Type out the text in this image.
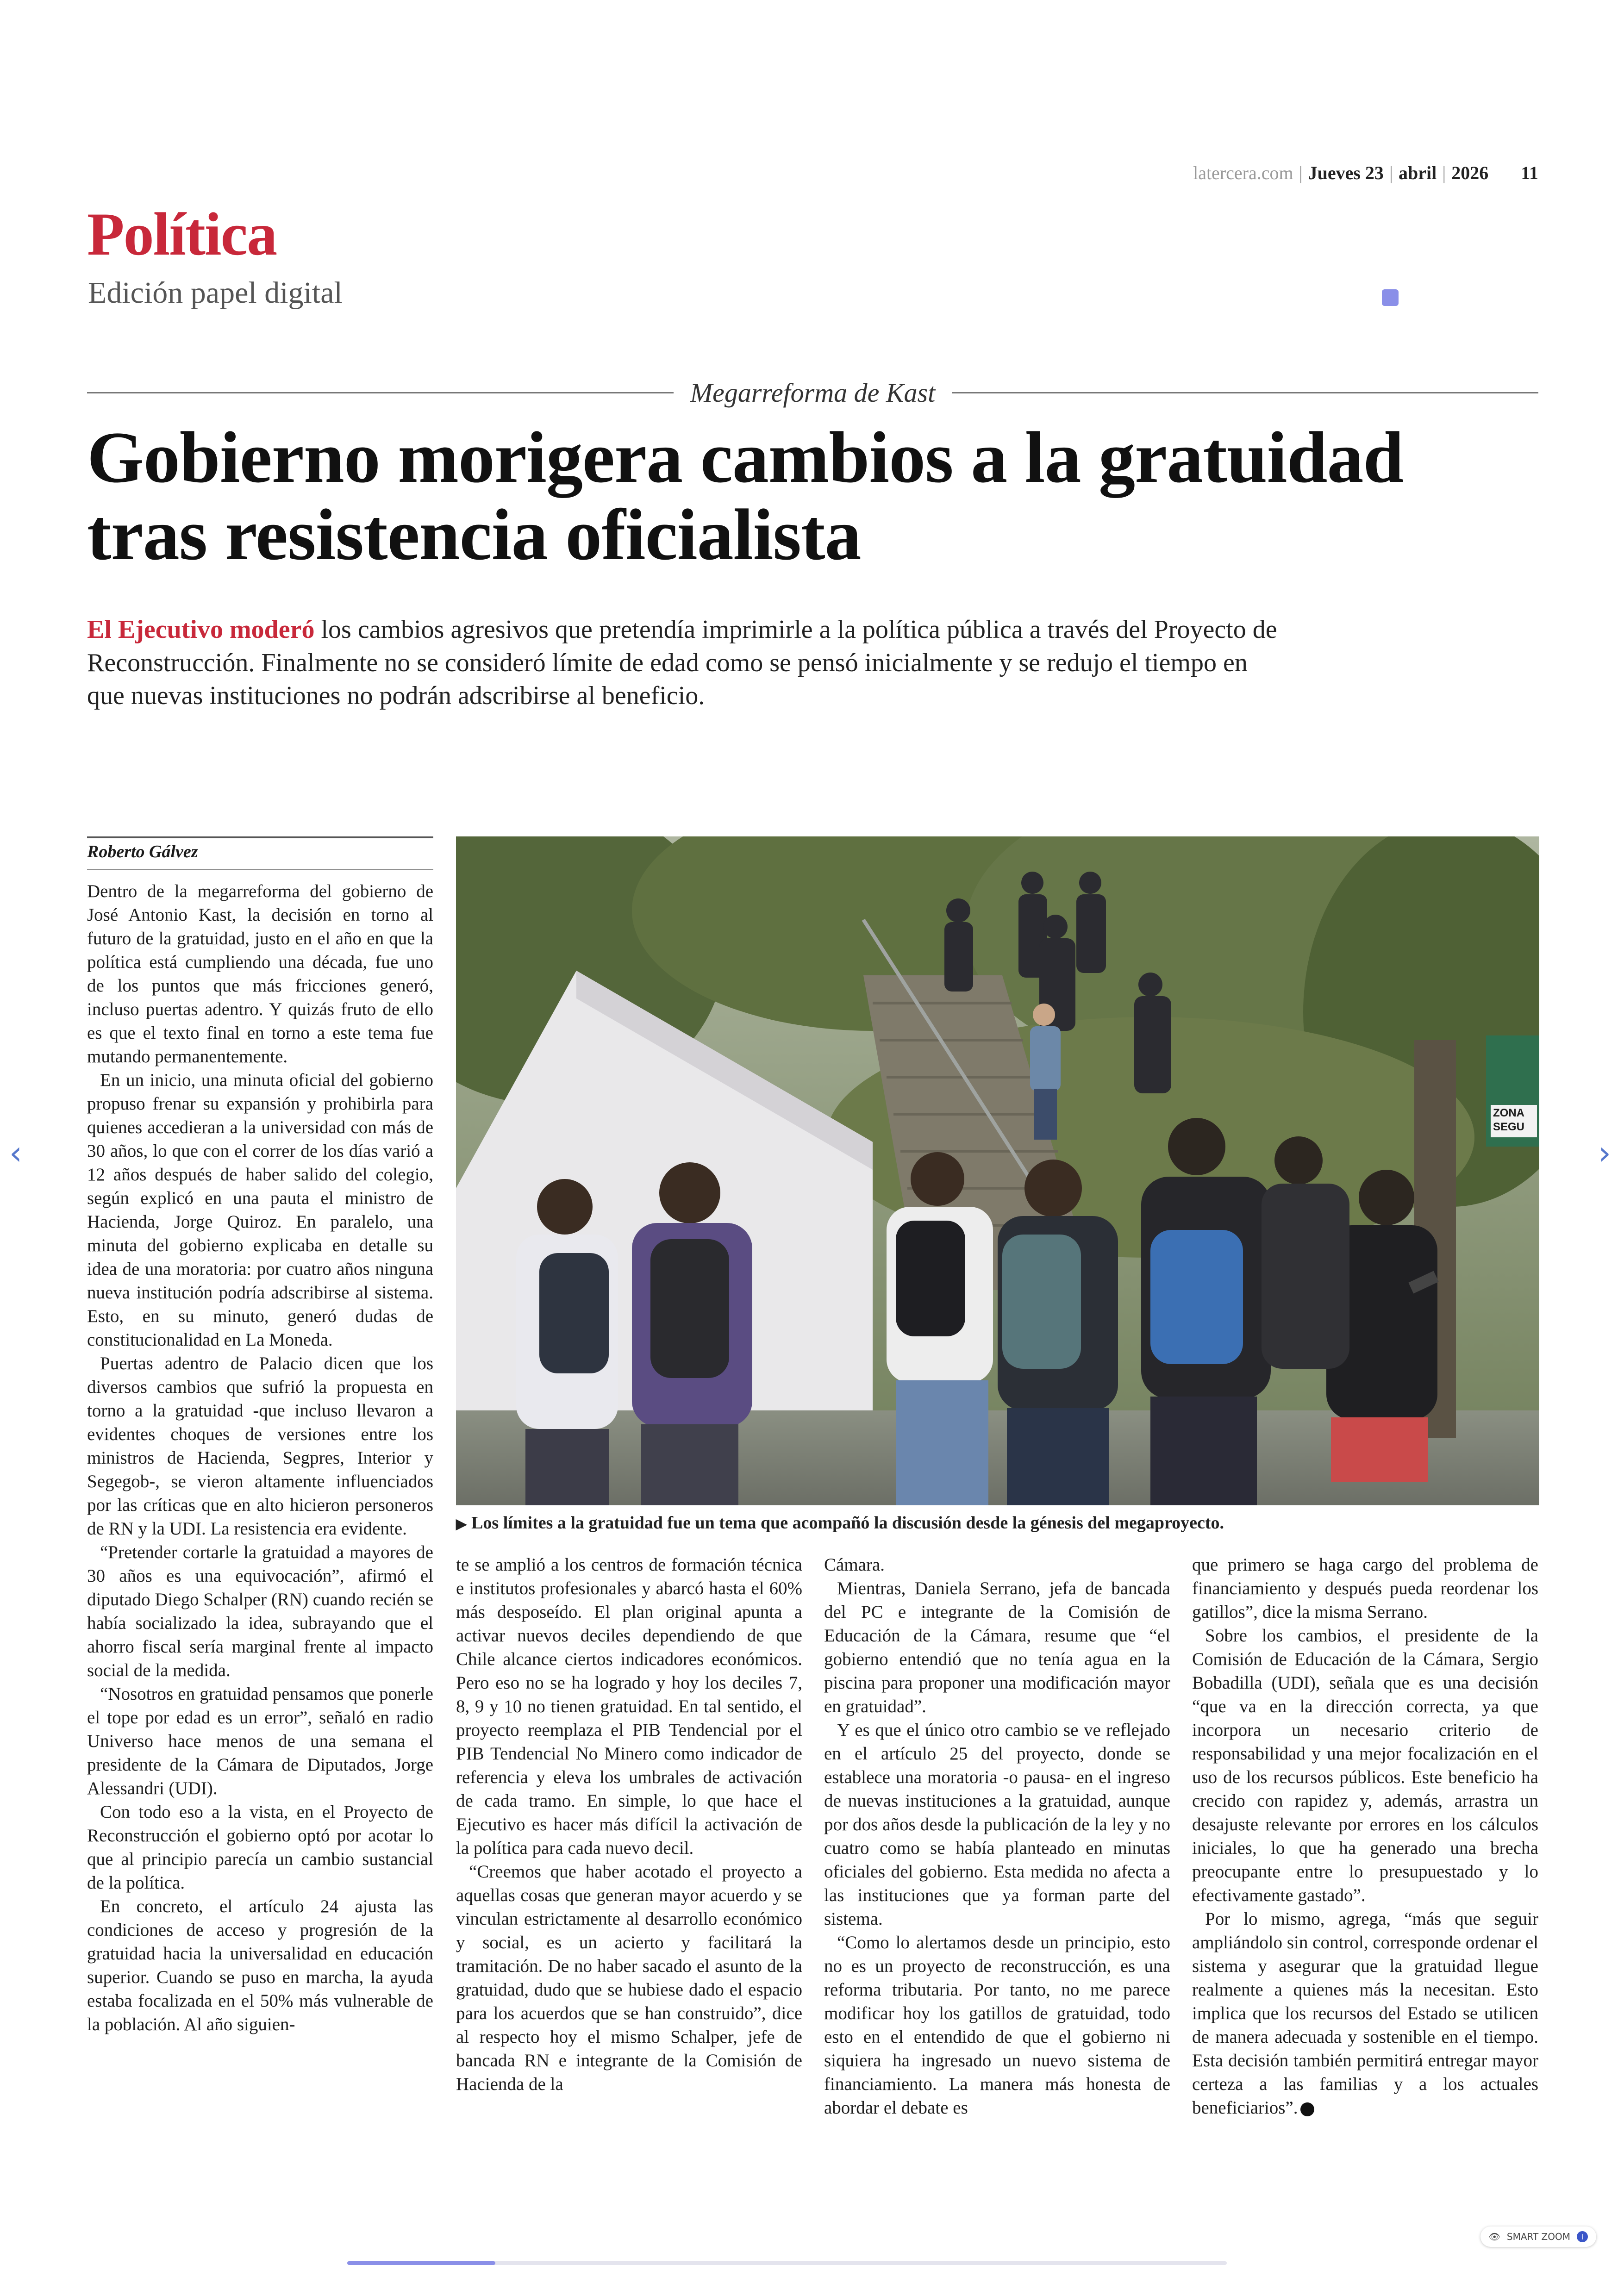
latercera.com | Jueves 23 | abril | 2026 11
Política
Edición papel digital
Megarreforma de Kast
Gobierno morigera cambios a la gratuidad tras resistencia oficialista

El Ejecutivo moderó los cambios agresivos que pretendía imprimirle a la política pública a través del Proyecto de Reconstrucción. Finalmente no se consideró límite de edad como se pensó inicialmente y se redujo el tiempo en que nuevas instituciones no podrán adscribirse al beneficio.

Roberto Gálvez

Dentro de la megarreforma del gobierno de José Antonio Kast, la decisión en torno al futuro de la gratuidad, justo en el año en que la política está cumpliendo una década, fue uno de los puntos que más fricciones generó, incluso puertas adentro. Y quizás fruto de ello es que el texto final en torno a este tema fue mutando permanentemente.

En un inicio, una minuta oficial del gobierno propuso frenar su expansión y prohibirla para quienes accedieran a la universidad con más de 30 años, lo que con el correr de los días varió a 12 años después de haber salido del colegio, según explicó en una pauta el ministro de Hacienda, Jorge Quiroz. En paralelo, una minuta del gobierno explicaba en detalle su idea de una moratoria: por cuatro años ninguna nueva institución podría adscribirse al sistema. Esto, en su minuto, generó dudas de constitucionalidad en La Moneda.

Puertas adentro de Palacio dicen que los diversos cambios que sufrió la propuesta en torno a la gratuidad -que incluso llevaron a evidentes choques de versiones entre los ministros de Hacienda, Segpres, Interior y Segegob-, se vieron altamente influenciados por las críticas que en alto hicieron personeros de RN y la UDI. La resistencia era evidente.

“Pretender cortarle la gratuidad a mayores de 30 años es una equivocación”, afirmó el diputado Diego Schalper (RN) cuando recién se había socializado la idea, subrayando que el ahorro fiscal sería marginal frente al impacto social de la medida.

“Nosotros en gratuidad pensamos que ponerle el tope por edad es un error”, señaló en radio Universo hace menos de una semana el presidente de la Cámara de Diputados, Jorge Alessandri (UDI).

Con todo eso a la vista, en el Proyecto de Reconstrucción el gobierno optó por acotar lo que al principio parecía un cambio sustancial de la política.

En concreto, el artículo 24 ajusta las condiciones de acceso y progresión de la gratuidad hacia la universalidad en educación superior. Cuando se puso en marcha, la ayuda estaba focalizada en el 50% más vulnerable de la población. Al año siguien-

ZONA
SEGU
▶ Los límites a la gratuidad fue un tema que acompañó la discusión desde la génesis del megaproyecto.

te se amplió a los centros de formación técnica e institutos profesionales y abarcó hasta el 60% más desposeído. El plan original apunta a activar nuevos deciles dependiendo de que Chile alcance ciertos indicadores económicos. Pero eso no se ha logrado y hoy los deciles 7, 8, 9 y 10 no tienen gratuidad. En tal sentido, el proyecto reemplaza el PIB Tendencial por el PIB Tendencial No Minero como indicador de referencia y eleva los umbrales de activación de cada tramo. En simple, lo que hace el Ejecutivo es hacer más difícil la activación de la política para cada nuevo decil.

“Creemos que haber acotado el proyecto a aquellas cosas que generan mayor acuerdo y se vinculan estrictamente al desarrollo económico y social, es un acierto y facilitará la tramitación. De no haber sacado el asunto de la gratuidad, dudo que se hubiese dado el espacio para los acuerdos que se han construido”, dice al respecto hoy el mismo Schalper, jefe de bancada RN e integrante de la Comisión de Hacienda de la

Cámara.

Mientras, Daniela Serrano, jefa de bancada del PC e integrante de la Comisión de Educación de la Cámara, resume que “el gobierno entendió que no tenía agua en la piscina para proponer una modificación mayor en gratuidad”.

Y es que el único otro cambio se ve reflejado en el artículo 25 del proyecto, donde se establece una moratoria -o pausa- en el ingreso de nuevas instituciones a la gratuidad, aunque por dos años desde la publicación de la ley y no cuatro como se había planteado en minutas oficiales del gobierno. Esta medida no afecta a las instituciones que ya forman parte del sistema.

“Como lo alertamos desde un principio, esto no es un proyecto de reconstrucción, es una reforma tributaria. Por tanto, no me parece modificar hoy los gatillos de gratuidad, todo esto en el entendido de que el gobierno ni siquiera ha ingresado un nuevo sistema de financiamiento. La manera más honesta de abordar el debate es

que primero se haga cargo del problema de financiamiento y después pueda reordenar los gatillos”, dice la misma Serrano.

Sobre los cambios, el presidente de la Comisión de Educación de la Cámara, Sergio Bobadilla (UDI), señala que es una decisión “que va en la dirección correcta, ya que incorpora un necesario criterio de responsabilidad y una mejor focalización en el uso de los recursos públicos. Este beneficio ha crecido con rapidez y, además, arrastra un desajuste relevante por errores en los cálculos iniciales, lo que ha generado una brecha preocupante entre lo presupuestado y lo efectivamente gastado”.

Por lo mismo, agrega, “más que seguir ampliándolo sin control, corresponde ordenar el sistema y asegurar que la gratuidad llegue realmente a quienes más la necesitan. Esto implica que los recursos del Estado se utilicen de manera adecuada y sostenible en el tiempo. Esta decisión también permitirá entregar mayor certeza a las familias y a los actuales beneficiarios”.

‹	›
👁 SMART ZOOM	i
